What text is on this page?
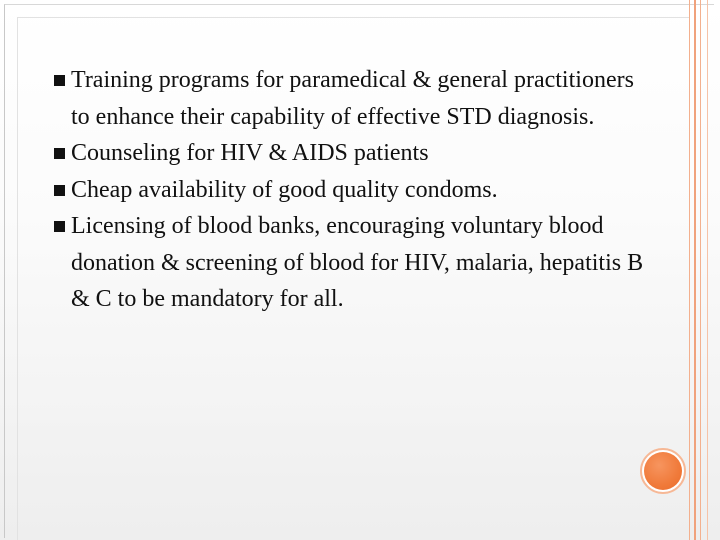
Training programs for paramedical & general practitioners to enhance their capability of effective STD diagnosis.
Counseling for HIV & AIDS patients
Cheap availability of good quality condoms.
Licensing of blood banks, encouraging voluntary blood donation & screening of blood for HIV, malaria, hepatitis B & C to be mandatory for all.
